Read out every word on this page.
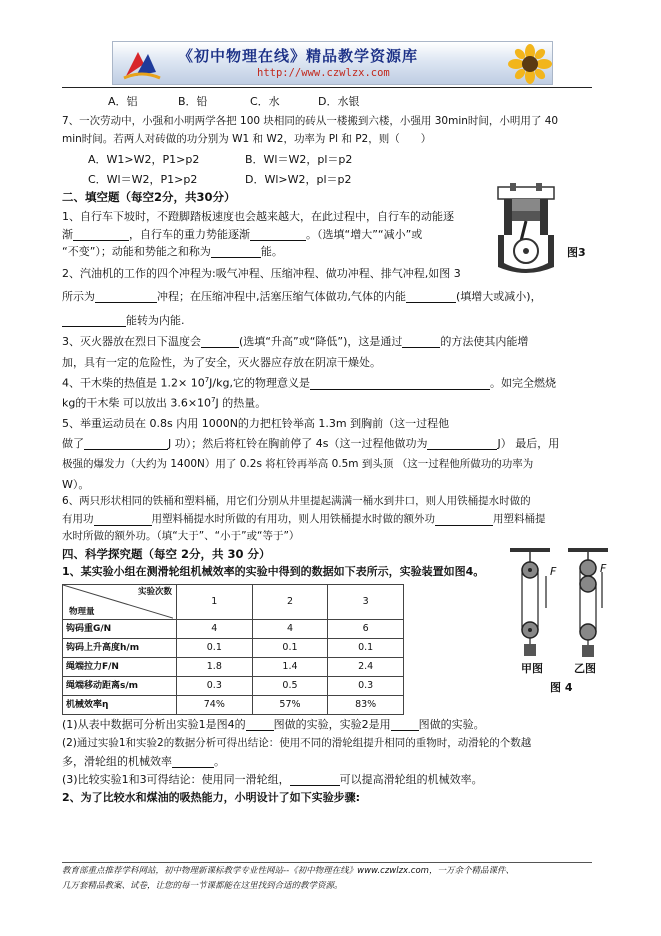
《初中物理在线》精品教学资源库
http://www.czwlzx.com
A．铝	B．铅	C．水	D．水银
7、一次劳动中，小强和小明两学各把 100 块相同的砖从一楼搬到六楼，小强用 30min时间，小明用了 40
min时间。若两人对砖做的功分别为 W1 和 W2，功率为 Pl 和 P2，则（　　）
A．W1>W2，P1>p2	B．Wl＝W2，pl＝p2
C．Wl＝W2，P1>p2	D．Wl>W2，pl＝p2
二、填空题（每空2分，共30分）
图3
1、自行车下坡时，不蹬脚踏板速度也会越来越大，在此过程中，自行车的动能逐
渐	，自行车的重力势能逐渐	。（选填“增大”“减小”或
“不变”）；动能和势能之和称为	能。
2、汽油机的工作的四个冲程为:吸气冲程、压缩冲程、做功冲程、排气冲程,如图 3
所示为	冲程；在压缩冲程中,活塞压缩气体做功,气体的内能	(填增大或减小)，
能转为内能.
3、灭火器放在烈日下温度会	(选填“升高”或“降低”)，这是通过	的方法使其内能增
加，具有一定的危险性，为了安全，灭火器应存放在阴凉干燥处。
4、干木柴的热值是 $1.2\times 10^7J/kg$,它的物理意义是	。如完全燃烧
kg的干木柴 可以放出 $3.6\times 10^7J$ 的热量。
5、举重运动员在 0.8s 内用 1000N的力把杠铃举高 1.3m 到胸前（这一过程他
做了	J 功）；然后将杠铃在胸前停了 4s（这一过程他做功为	J） 最后，用
极强的爆发力（大约为 1400N）用了 0.2s 将杠铃再举高 0.5m 到头顶 （这一过程他所做功的功率为
W）。
6、两只形状相同的铁桶和塑料桶，用它们分别从井里提起满满一桶水到井口，则人用铁桶提水时做的
有用功	用塑料桶提水时所做的有用功，则人用铁桶提水时做的额外功	用塑料桶提
水时所做的额外功。（填“大于”、“小于”或“等于”）
四、科学探究题（每空 2分，共 30 分）
1、某实验小组在测滑轮组机械效率的实验中得到的数据如下表所示，实验装置如图4。
实验次数
物理量	1	2	3
钩码重G/N	4	4	6
钩码上升高度h/m	0.1	0.1	0.1
绳端拉力F/N	1.8	1.4	2.4
绳端移动距离s/m	0.3	0.5	0.3
机械效率η	74%	57%	83%
F	F
甲图	乙图
图 4
(1)从表中数据可分析出实验1是图4的	图做的实验，实验2是用	图做的实验。
(2)通过实验1和实验2的数据分析可得出结论：使用不同的滑轮组提升相同的重物时，动滑轮的个数越
多，滑轮组的机械效率	。
(3)比较实验1和3可得结论：使用同一滑轮组，	可以提高滑轮组的机械效率。
2、为了比较水和煤油的吸热能力，小明设计了如下实验步骤:
教育部重点推荐学科网站，初中物理新课标教学专业性网站--《初中物理在线》www.czwlzx.com，一万余个精品课件、
几万套精品教案、试卷，让您的每一节课都能在这里找到合适的教学资源。
